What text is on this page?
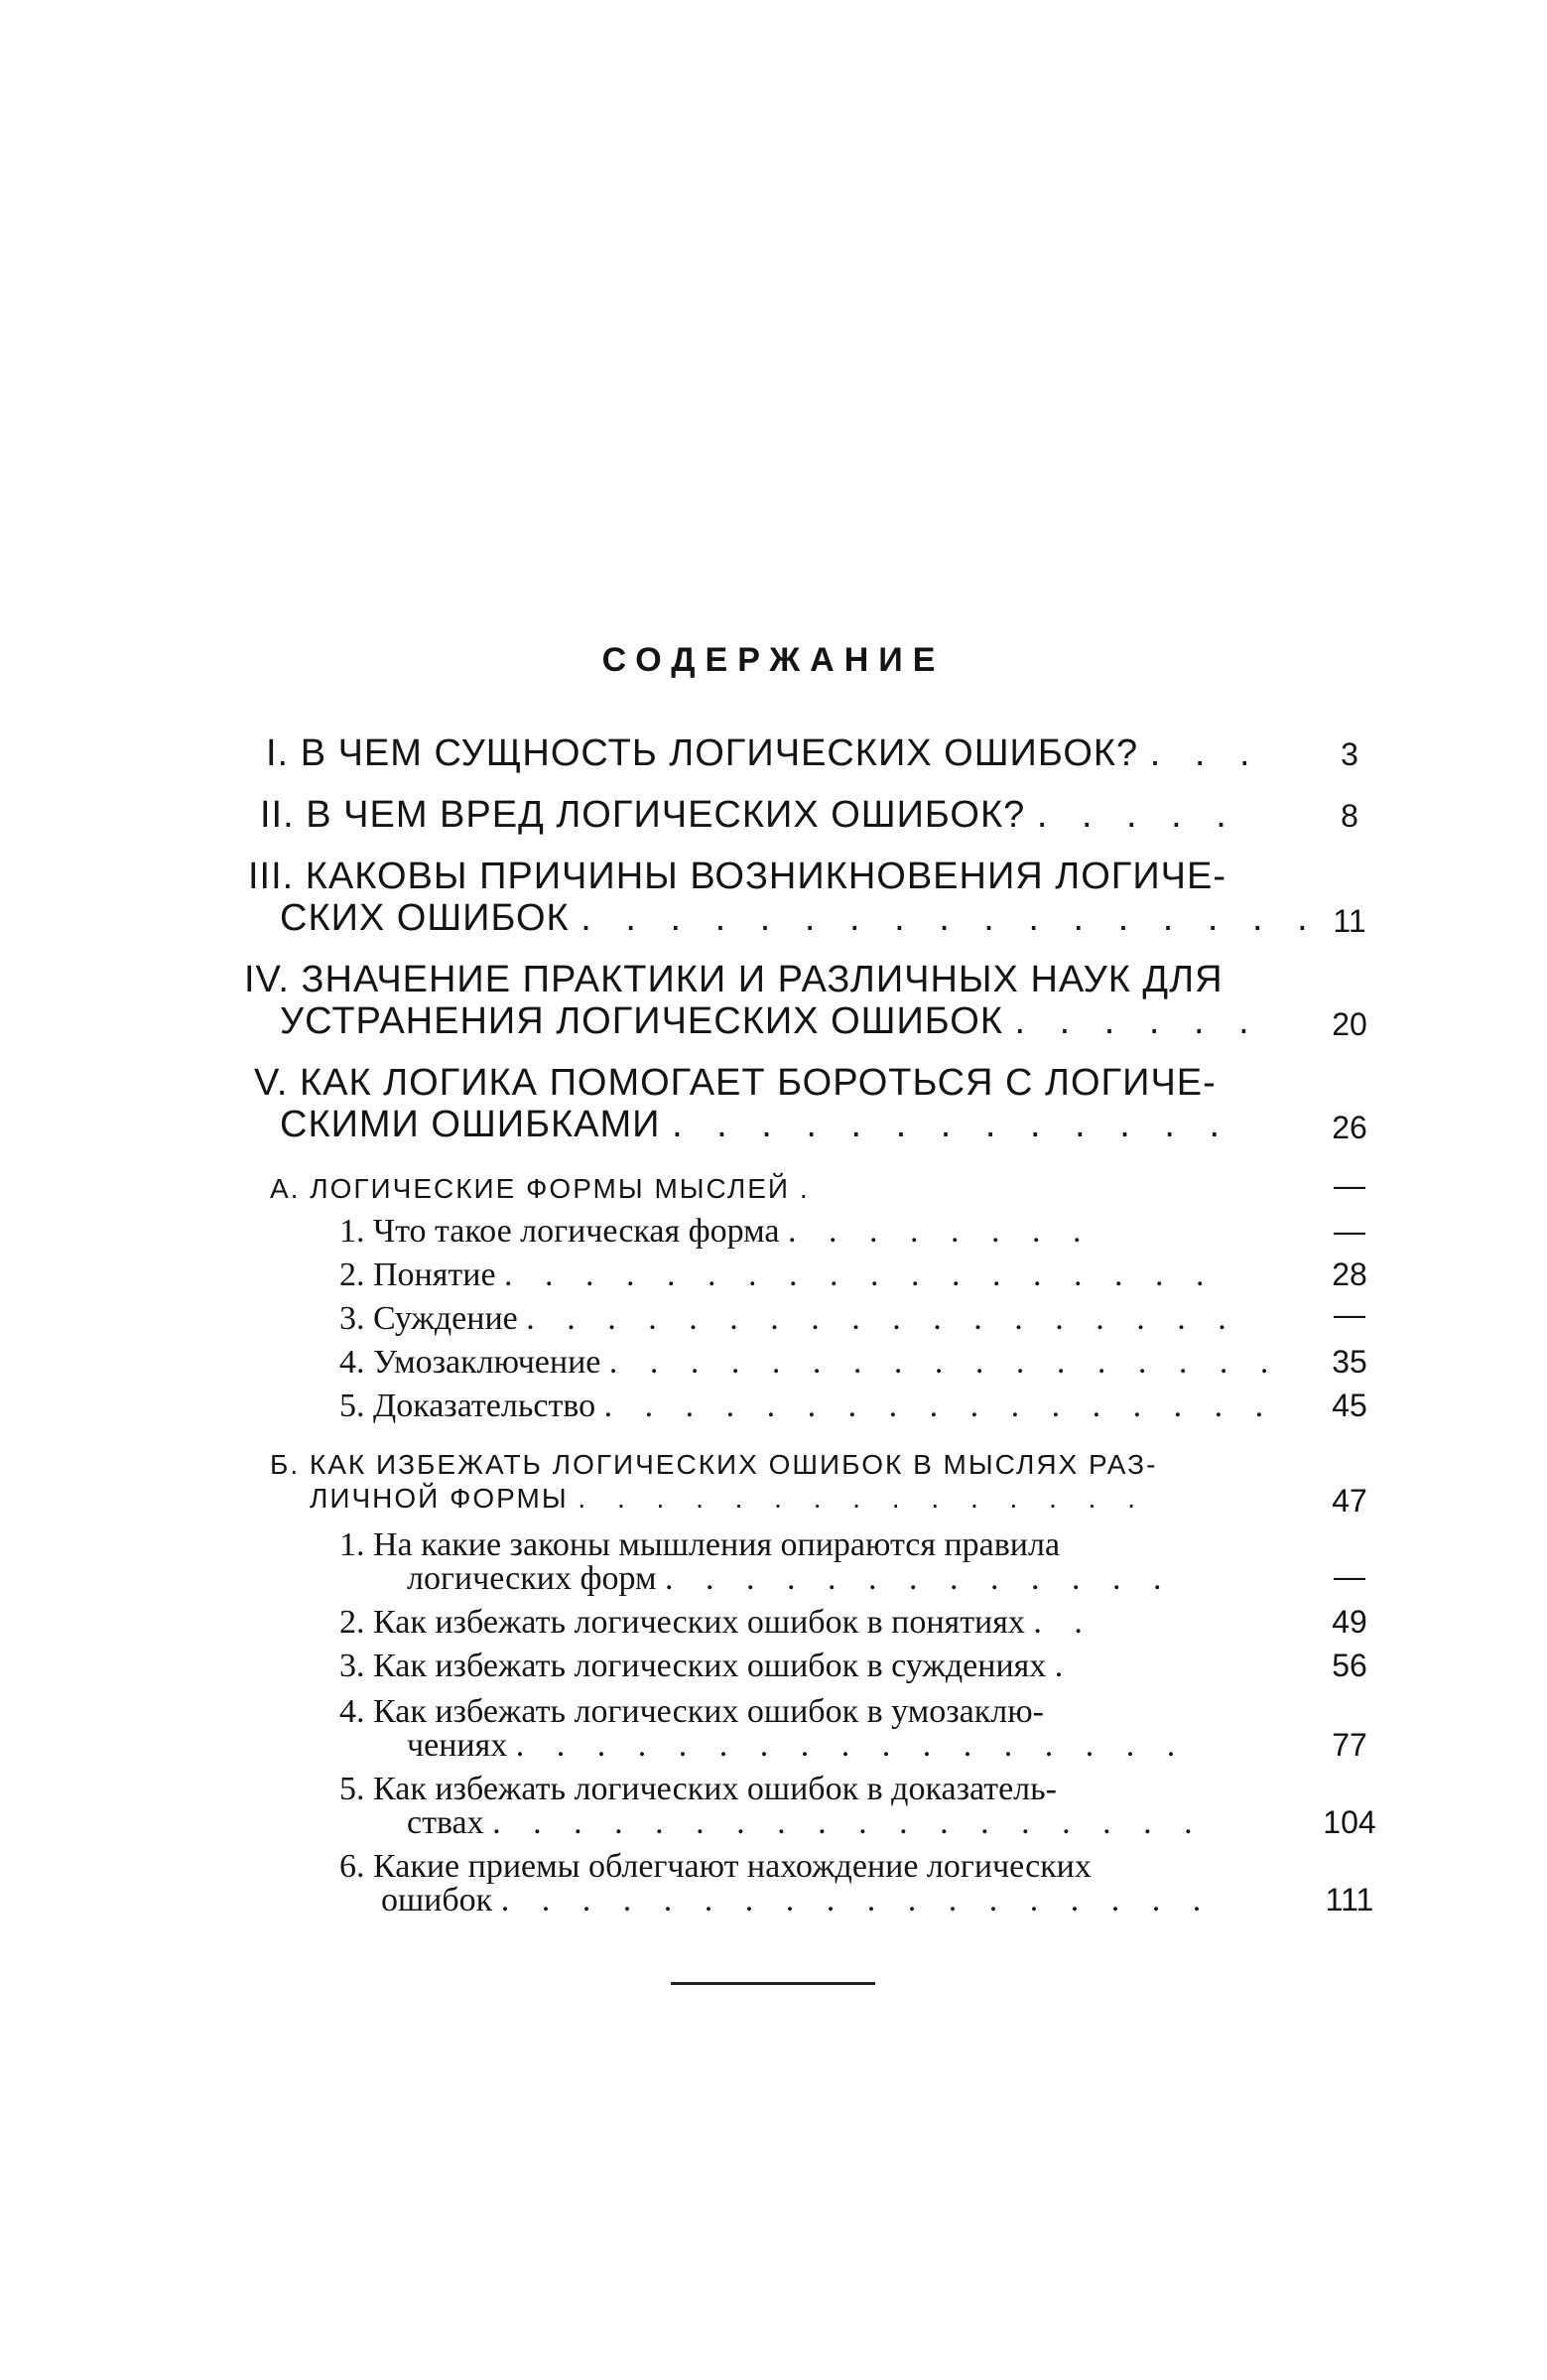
СОДЕРЖАНИЕ
I. В ЧЕМ СУЩНОСТЬ ЛОГИЧЕСКИХ ОШИБОК? . . .	3
II. В ЧЕМ ВРЕД ЛОГИЧЕСКИХ ОШИБОК? . . . . .	8
III. КАКОВЫ ПРИЧИНЫ ВОЗНИКНОВЕНИЯ ЛОГИЧЕ-
СКИХ ОШИБОК . . . . . . . . . . . . . . . . . 11
IV. ЗНАЧЕНИЕ ПРАКТИКИ И РАЗЛИЧНЫХ НАУК ДЛЯ
УСТРАНЕНИЯ ЛОГИЧЕСКИХ ОШИБОК . . . . . .	20
V. КАК ЛОГИКА ПОМОГАЕТ БОРОТЬСЯ С ЛОГИЧЕ-
СКИМИ ОШИБКАМИ . . . . . . . . . . . . .	26
А. ЛОГИЧЕСКИЕ ФОРМЫ МЫСЛЕЙ .	—
1. Что такое логическая форма . . . . . . . .	—
2. Понятие . . . . . . . . . . . . . . . . . .	28
3. Суждение . . . . . . . . . . . . . . . . . .	—
4. Умозаключение . . . . . . . . . . . . . . . . .	35
5. Доказательство . . . . . . . . . . . . . . . . .	45
Б. КАК ИЗБЕЖАТЬ ЛОГИЧЕСКИХ ОШИБОК В МЫСЛЯХ РАЗ-
ЛИЧНОЙ ФОРМЫ . . . . . . . . . . . . . . .	47
1. На какие законы мышления опираются правила
логических форм . . . . . . . . . . . . .	—
2. Как избежать логических ошибок в понятиях . .	49
3. Как избежать логических ошибок в суждениях .	56
4. Как избежать логических ошибок в умозаклю-
чениях . . . . . . . . . . . . . . . . .	77
5. Как избежать логических ошибок в доказатель-
ствах . . . . . . . . . . . . . . . . . .	104
6. Какие приемы облегчают нахождение логических
ошибок . . . . . . . . . . . . . . . . . .	111
